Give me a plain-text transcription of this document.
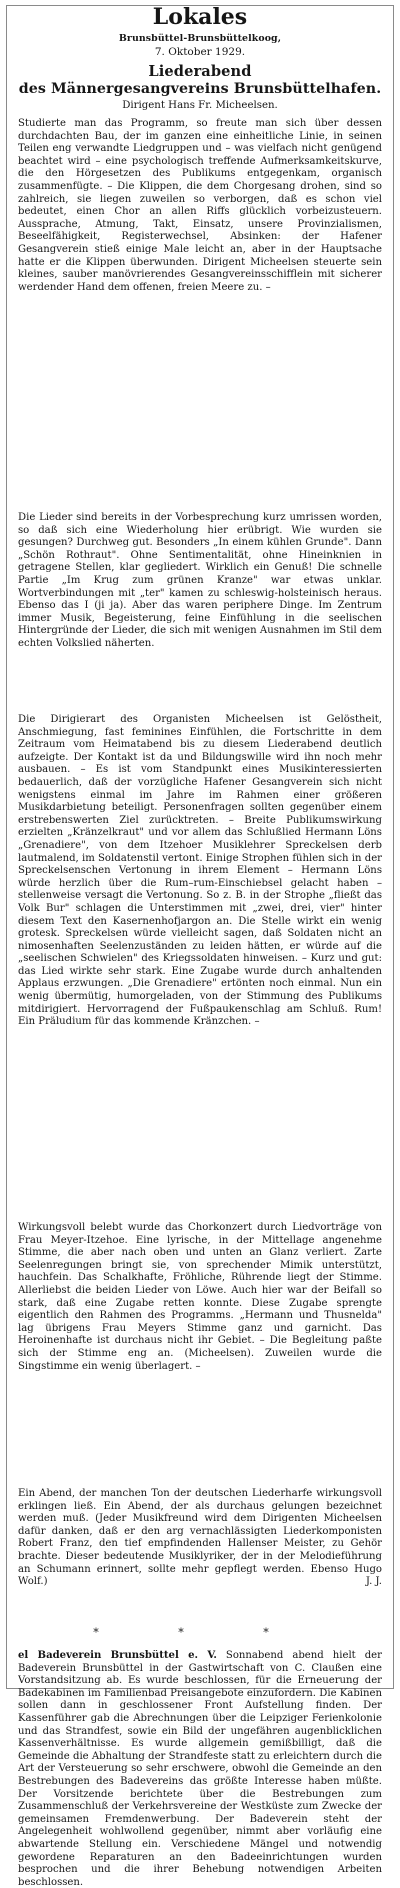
Lokales
Brunsbüttel-Brunsbüttelkoog,
7. Oktober 1929.
Liederabend
des Männergesangvereins Brunsbüttelhafen.
Dirigent Hans Fr. Micheelsen.

Studierte man das Programm, so freute man sich über dessen durchdachten Bau, der im ganzen eine einheitliche Linie, in seinen Teilen eng verwandte Liedgruppen und – was vielfach nicht genügend beachtet wird – eine psychologisch treffende Aufmerksamkeitskurve, die den Hörgesetzen des Publikums entgegenkam, organisch zusammenfügte. – Die Klippen, die dem Chorgesang drohen, sind so zahlreich, sie liegen zuweilen so verborgen, daß es schon viel bedeutet, einen Chor an allen Riffs glücklich vorbeizusteuern. Aussprache, Atmung, Takt, Einsatz, unsere Provinzialismen, Beseelfähigkeit, Registerwechsel, Absinken: der Hafener Gesangverein stieß einige Male leicht an, aber in der Hauptsache hatte er die Klippen überwunden. Dirigent Micheelsen steuerte sein kleines, sauber manövrierendes Gesangvereinsschifflein mit sicherer werdender Hand dem offenen, freien Meere zu. –

Die Lieder sind bereits in der Vorbesprechung kurz umrissen worden, so daß sich eine Wiederholung hier erübrigt. Wie wurden sie gesungen? Durchweg gut. Besonders „In einem kühlen Grunde". Dann „Schön Rothraut". Ohne Sentimentalität, ohne Hineinknien in getragene Stellen, klar gegliedert. Wirklich ein Genuß! Die schnelle Partie „Im Krug zum grünen Kranze" war etwas unklar. Wortverbindungen mit „ter" kamen zu schleswig-holsteinisch heraus. Ebenso das I (ji ja). Aber das waren periphere Dinge. Im Zentrum immer Musik, Begeisterung, feine Einfühlung in die seelischen Hintergründe der Lieder, die sich mit wenigen Ausnahmen im Stil dem echten Volkslied näherten.

Die Dirigierart des Organisten Micheelsen ist Gelöstheit, Anschmiegung, fast feminines Einfühlen, die Fortschritte in dem Zeitraum vom Heimatabend bis zu diesem Liederabend deutlich aufzeigte. Der Kontakt ist da und Bildungswille wird ihn noch mehr ausbauen. – Es ist vom Standpunkt eines Musikinteressierten bedauerlich, daß der vorzügliche Hafener Gesangverein sich nicht wenigstens einmal im Jahre im Rahmen einer größeren Musikdarbietung beteiligt. Personenfragen sollten gegenüber einem erstrebenswerten Ziel zurücktreten. – Breite Publikumswirkung erzielten „Kränzelkraut" und vor allem das Schlußlied Hermann Löns „Grenadiere", von dem Itzehoer Musiklehrer Spreckelsen derb lautmalend, im Soldatenstil vertont. Einige Strophen fühlen sich in der Spreckelsenschen Vertonung in ihrem Element – Hermann Löns würde herzlich über die Rum–rum-Einschiebsel gelacht haben – stellenweise versagt die Vertonung. So z. B. in der Strophe „fließt das Volk Bur" schlagen die Unterstimmen mit „zwei, drei, vier" hinter diesem Text den Kasernenhofjargon an. Die Stelle wirkt ein wenig grotesk. Spreckelsen würde vielleicht sagen, daß Soldaten nicht an nimosenhaften Seelenzuständen zu leiden hätten, er würde auf die „seelischen Schwielen" des Kriegssoldaten hinweisen. – Kurz und gut: das Lied wirkte sehr stark. Eine Zugabe wurde durch anhaltenden Applaus erzwungen. „Die Grenadiere" ertönten noch einmal. Nun ein wenig übermütig, humorgeladen, von der Stimmung des Publikums mitdirigiert. Hervorragend der Fußpaukenschlag am Schluß. Rum! Ein Präludium für das kommende Kränzchen. –

Wirkungsvoll belebt wurde das Chorkonzert durch Liedvorträge von Frau Meyer-Itzehoe. Eine lyrische, in der Mittellage angenehme Stimme, die aber nach oben und unten an Glanz verliert. Zarte Seelenregungen bringt sie, von sprechender Mimik unterstützt, hauchfein. Das Schalkhafte, Fröhliche, Rührende liegt der Stimme. Allerliebst die beiden Lieder von Löwe. Auch hier war der Beifall so stark, daß eine Zugabe retten konnte. Diese Zugabe sprengte eigentlich den Rahmen des Programms. „Hermann und Thusnelda" lag übrigens Frau Meyers Stimme ganz und garnicht. Das Heroinenhafte ist durchaus nicht ihr Gebiet. – Die Begleitung paßte sich der Stimme eng an. (Micheelsen). Zuweilen wurde die Singstimme ein wenig überlagert. –

Ein Abend, der manchen Ton der deutschen Liederharfe wirkungsvoll erklingen ließ. Ein Abend, der als durchaus gelungen bezeichnet werden muß. (Jeder Musikfreund wird dem Dirigenten Micheelsen dafür danken, daß er den arg vernachlässigten Liederkomponisten Robert Franz, den tief empfindenden Hallenser Meister, zu Gehör brachte. Dieser bedeutende Musiklyriker, der in der Melodieführung an Schumann erinnert, sollte mehr gepflegt werden. Ebenso Hugo Wolf.)	J. J.

* * *

el Badeverein Brunsbüttel e. V. Sonnabend abend hielt der Badeverein Brunsbüttel in der Gastwirtschaft von C. Claußen eine Vorstandsitzung ab. Es wurde beschlossen, für die Erneuerung der Badekabinen im Familienbad Preisangebote einzufordern. Die Kabinen sollen dann in geschlossener Front Aufstellung finden. Der Kassenführer gab die Abrechnungen über die Leipziger Ferienkolonie und das Strandfest, sowie ein Bild der ungefähren augenblicklichen Kassenverhältnisse. Es wurde allgemein gemißbilligt, daß die Gemeinde die Abhaltung der Strandfeste statt zu erleichtern durch die Art der Versteuerung so sehr erschwere, obwohl die Gemeinde an den Bestrebungen des Badevereins das größte Interesse haben müßte. Der Vorsitzende berichtete über die Bestrebungen zum Zusammenschluß der Verkehrsvereine der Westküste zum Zwecke der gemeinsamen Fremdenwerbung. Der Badeverein steht der Angelegenheit wohlwollend gegenüber, nimmt aber vorläufig eine abwartende Stellung ein. Verschiedene Mängel und notwendig gewordene Reparaturen an den Badeeinrichtungen wurden besprochen und die ihrer Behebung notwendigen Arbeiten beschlossen.
